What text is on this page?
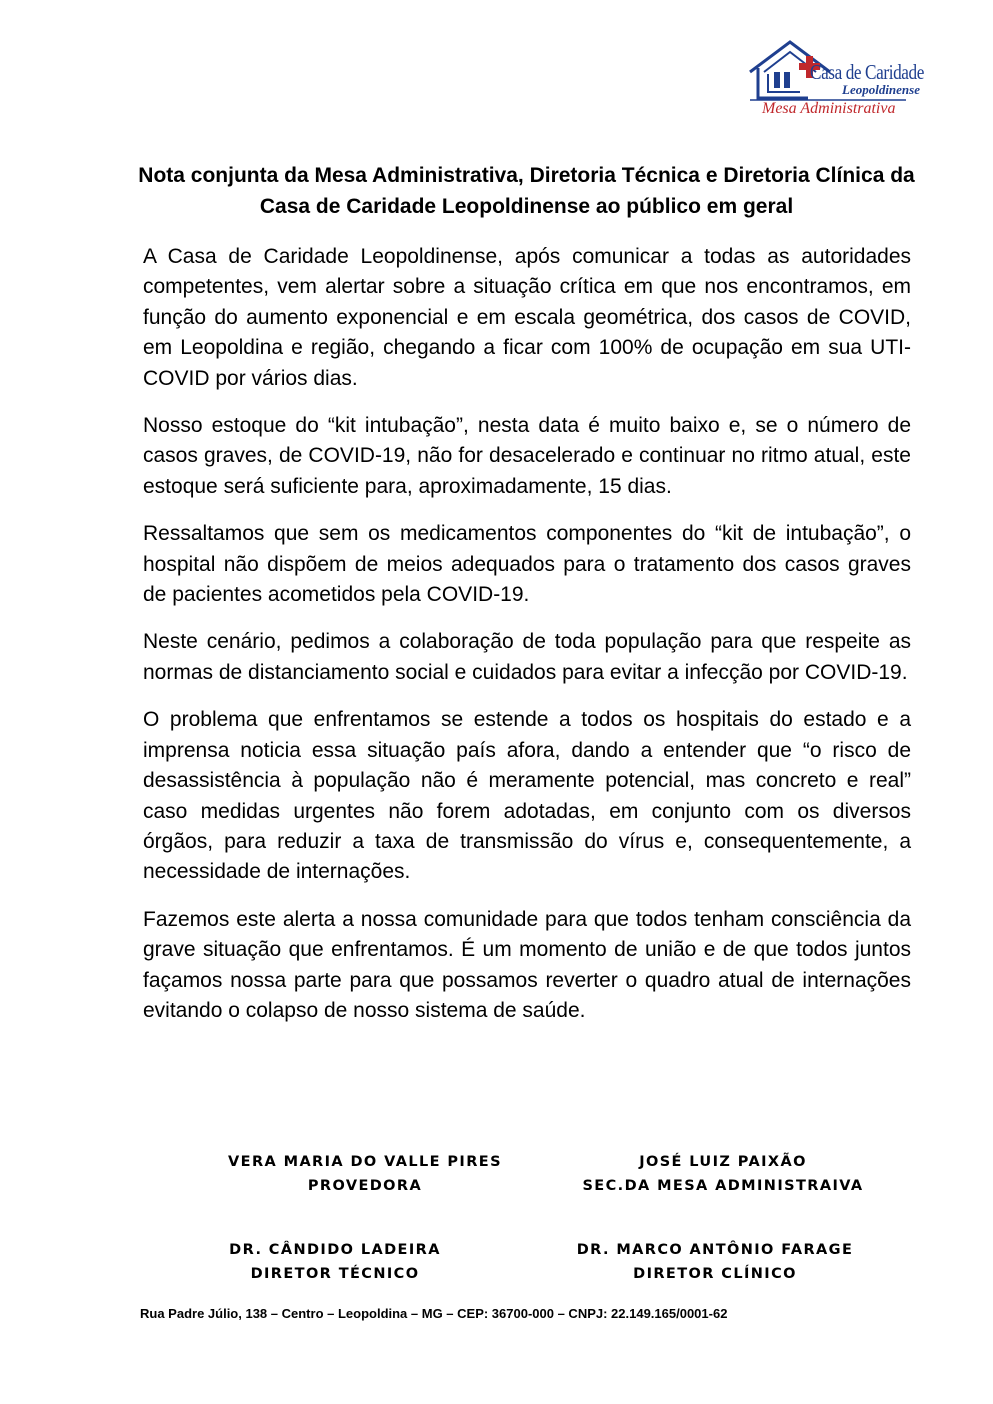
Casa de Caridade
Leopoldinense
Mesa Administrativa
Nota conjunta da Mesa Administrativa, Diretoria Técnica e Diretoria Clínica da Casa de Caridade Leopoldinense ao público em geral

A Casa de Caridade Leopoldinense, após comunicar a todas as autoridades competentes, vem alertar sobre a situação crítica em que nos encontramos, em função do aumento exponencial e em escala geométrica, dos casos de COVID, em Leopoldina e região, chegando a ficar com 100% de ocupação em sua UTI-COVID por vários dias.

Nosso estoque do “kit intubação”, nesta data é muito baixo e, se o número de casos graves, de COVID-19, não for desacelerado e continuar no ritmo atual, este estoque será suficiente para, aproximadamente, 15 dias.

Ressaltamos que sem os medicamentos componentes do “kit de intubação”, o hospital não dispõem de meios adequados para o tratamento dos casos graves de pacientes acometidos pela COVID-19.

Neste cenário, pedimos a colaboração de toda população para que respeite as normas de distanciamento social e cuidados para evitar a infecção por COVID-19.

O problema que enfrentamos se estende a todos os hospitais do estado e a imprensa noticia essa situação país afora, dando a entender que “o risco de desassistência à população não é meramente potencial, mas concreto e real” caso medidas urgentes não forem adotadas, em conjunto com os diversos órgãos, para reduzir a taxa de transmissão do vírus e, consequentemente, a necessidade de internações.

Fazemos este alerta a nossa comunidade para que todos tenham consciência da grave situação que enfrentamos. É um momento de união e de que todos juntos façamos nossa parte para que possamos reverter o quadro atual de internações evitando o colapso de nosso sistema de saúde.

VERA MARIA DO VALLE PIRES
PROVEDORA
JOSÉ LUIZ PAIXÃO
SEC.DA MESA ADMINISTRAIVA
DR. CÂNDIDO LADEIRA
DIRETOR TÉCNICO
DR. MARCO ANTÔNIO FARAGE
DIRETOR CLÍNICO
Rua Padre Júlio, 138 – Centro – Leopoldina – MG – CEP: 36700-000 – CNPJ: 22.149.165/0001-62
